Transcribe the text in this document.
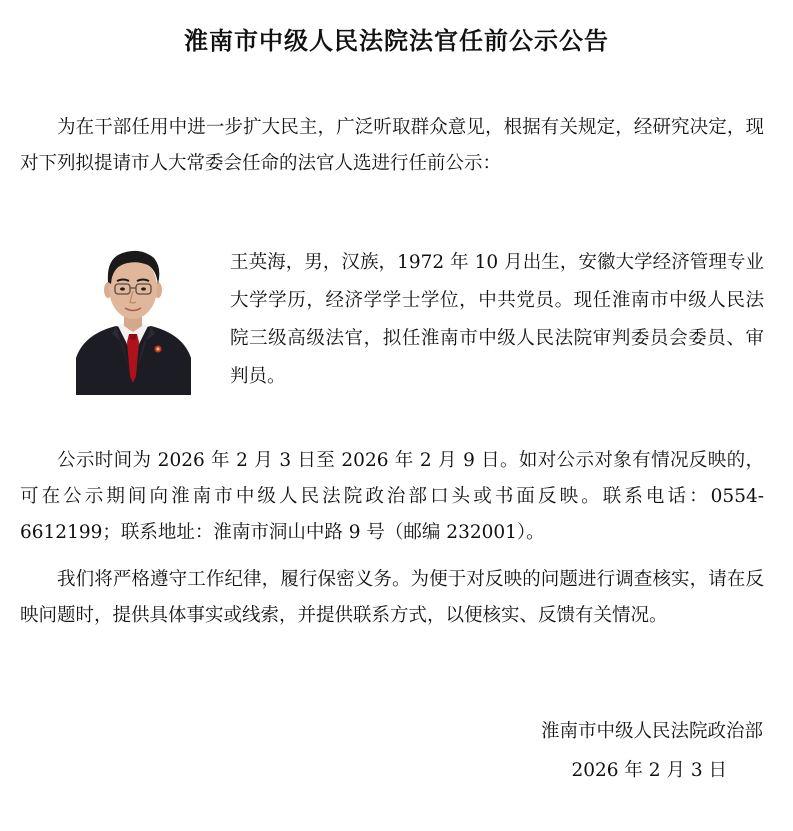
淮南市中级人民法院法官任前公示公告
为在干部任用中进一步扩大民主，广泛听取群众意见，根据有关规定，经研究决定，现对下列拟提请市人大常委会任命的法官人选进行任前公示：
王英海，男，汉族，1972 年 10 月出生，安徽大学经济管理专业大学学历，经济学学士学位，中共党员。现任淮南市中级人民法院三级高级法官，拟任淮南市中级人民法院审判委员会委员、审判员。
公示时间为 2026 年 2 月 3 日至 2026 年 2 月 9 日。如对公示对象有情况反映的，可在公示期间向淮南市中级人民法院政治部口头或书面反映。联系电话：0554-6612199；联系地址：淮南市洞山中路 9 号（邮编 232001）。
我们将严格遵守工作纪律，履行保密义务。为便于对反映的问题进行调查核实，请在反映问题时，提供具体事实或线索，并提供联系方式，以便核实、反馈有关情况。
淮南市中级人民法院政治部
2026 年 2 月 3 日
